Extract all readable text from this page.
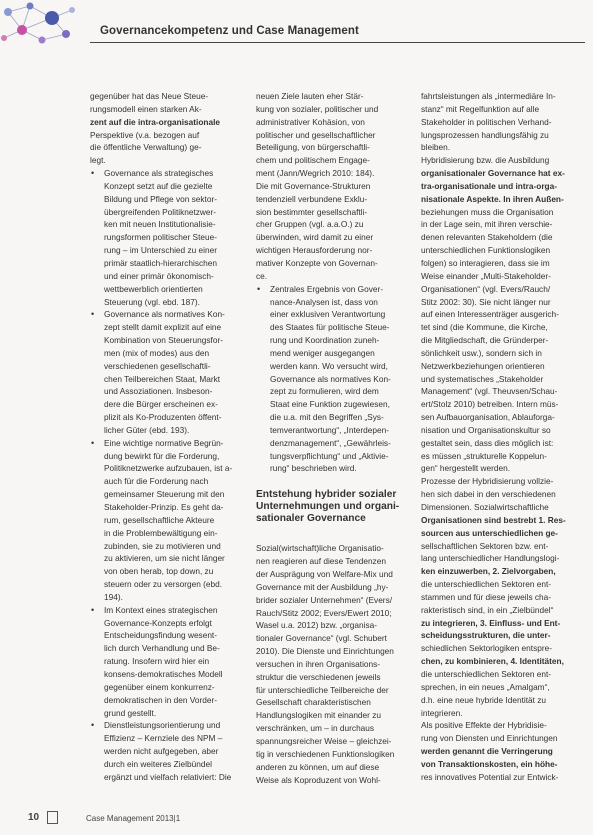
Governancekompetenz und Case Management

gegenüber hat das Neue Steue-
rungsmodell einen starken Ak-
zent auf die intra-organisationale
Perspektive (v.a. bezogen auf
die öffentliche Verwaltung) ge-
legt.

• Governance als strategisches
Konzept setzt auf die gezielte
Bildung und Pflege von sektor-
übergreifenden Politiknetzwer-
ken mit neuen Institutionalisie-
rungsformen politischer Steue-
rung – im Unterschied zu einer
primär staatlich-hierarchischen
und einer primär ökonomisch-
wettbewerblich orientierten
Steuerung (vgl. ebd. 187).
• Governance als normatives Kon-
zept stellt damit explizit auf eine
Kombination von Steuerungsfor-
men (mix of modes) aus den
verschiedenen gesellschaftli-
chen Teilbereichen Staat, Markt
und Assoziationen. Insbeson-
dere die Bürger erscheinen ex-
plizit als Ko-Produzenten öffent-
licher Güter (ebd. 193).
• Eine wichtige normative Begrün-
dung bewirkt für die Forderung,
Politiknetzwerke aufzubauen, ist a-
auch für die Forderung nach
gemeinsamer Steuerung mit den
Stakeholder-Prinzip. Es geht da-
rum, gesellschaftliche Akteure
in die Problembewältigung ein-
zubinden, sie zu motivieren und
zu aktivieren, um sie nicht länger
von oben herab, top down, zu
steuern oder zu versorgen (ebd.
194).
• Im Kontext eines strategischen
Governance-Konzepts erfolgt
Entscheidungsfindung wesent-
lich durch Verhandlung und Be-
ratung. Insofern wird hier ein
konsens-demokratisches Modell
gegenüber einem konkurrenz-
demokratischen in den Vorder-
grund gestellt.
• Dienstleistungsorientierung und
Effizienz – Kernziele des NPM –
werden nicht aufgegeben, aber
durch ein weiteres Zielbündel
ergänzt und vielfach relativiert: Die

neuen Ziele lauten eher Stär-
kung von sozialer, politischer und
administrativer Kohäsion, von
politischer und gesellschaftlicher
Beteiligung, von bürgerschaftli-
chem und politischem Engage-
ment (Jann/Wegrich 2010: 184).
Die mit Governance-Strukturen
tendenziell verbundene Exklu-
sion bestimmter gesellschaftli-
cher Gruppen (vgl. a.a.O.) zu
überwinden, wird damit zu einer
wichtigen Herausforderung nor-
mativer Konzepte von Governan-
ce.

• Zentrales Ergebnis von Gover-
nance-Analysen ist, dass von
einer exklusiven Verantwortung
des Staates für politische Steue-
rung und Koordination zuneh-
mend weniger ausgegangen
werden kann. Wo versucht wird,
Governance als normatives Kon-
zept zu formulieren, wird dem
Staat eine Funktion zugewiesen,
die u.a. mit den Begriffen „Sys-
temverantwortung“, „Interdepen-
denzmanagement“, „Gewährleis-
tungsverpflichtung“ und „Aktivie-
rung“ beschrieben wird.
Entstehung hybrider sozialer
Unternehmungen und organi-
sationaler Governance

Sozial(wirtschaft)liche Organisatio-
nen reagieren auf diese Tendenzen
der Ausprägung von Welfare-Mix und
Governance mit der Ausbildung „hy-
brider sozialer Unternehmen“ (Evers/
Rauch/Stitz 2002; Evers/Ewert 2010;
Wasel u.a. 2012) bzw. „organisa-
tionaler Governance“ (vgl. Schubert
2010). Die Dienste und Einrichtungen
versuchen in ihren Organisations-
struktur die verschiedenen jeweils
für unterschiedliche Teilbereiche der
Gesellschaft charakteristischen
Handlungslogiken mit einander zu
verschränken, um – in durchaus
spannungsreicher Weise – gleichzei-
tig in verschiedenen Funktionslogiken
anderen zu können, um auf diese
Weise als Koproduzent von Wohl-

fahrtsleistungen als „intermediäre In-
stanz“ mit Regelfunktion auf alle
Stakeholder in politischen Verhand-
lungsprozessen handlungsfähig zu
bleiben.
Hybridisierung bzw. die Ausbildung
organisationaler Governance hat ex-
tra-organisationale und intra-orga-
nisationale Aspekte. In ihren Außen-
beziehungen muss die Organisation
in der Lage sein, mit ihren verschie-
denen relevanten Stakeholdern (die
unterschiedlichen Funktionslogiken
folgen) so interagieren, dass sie im
Weise einander „Multi-Stakeholder-
Organisationen“ (vgl. Evers/Rauch/
Stitz 2002: 30). Sie nicht länger nur
auf einen Interessenträger ausgerich-
tet sind (die Kommune, die Kirche,
die Mitgliedschaft, die Gründerper-
sönlichkeit usw.), sondern sich in
Netzwerkbeziehungen orientieren
und systematisches „Stakeholder
Management“ (vgl. Theuvsen/Schau-
ert/Stolz 2010) betreiben. Intern müs-
sen Aufbauorganisation, Ablauforga-
nisation und Organisationskultur so
gestaltet sein, dass dies möglich ist:
es müssen „strukturelle Koppelun-
gen“ hergestellt werden.
Prozesse der Hybridisierung vollzie-
hen sich dabei in den verschiedenen
Dimensionen. Sozialwirtschaftliche
Organisationen sind bestrebt 1. Res-
sourcen aus unterschiedlichen ge-
sellschaftlichen Sektoren bzw. ent-
lang unterschiedlicher Handlungslogi-
ken einzuwerben, 2. Zielvorgaben,
die unterschiedlichen Sektoren ent-
stammen und für diese jeweils cha-
rakteristisch sind, in ein „Zielbündel“
zu integrieren, 3. Einfluss- und Ent-
scheidungsstrukturen, die unter-
schiedlichen Sektorlogiken entspre-
chen, zu kombinieren, 4. Identitäten,
die unterschiedlichen Sektoren ent-
sprechen, in ein neues „Amalgam“,
d.h. eine neue hybride Identität zu
integrieren.
Als positive Effekte der Hybridisie-
rung von Diensten und Einrichtungen
werden genannt die Verringerung
von Transaktionskosten, ein höhe-
res innovatives Potential zur Entwick-

10	Case Management 2013|1
